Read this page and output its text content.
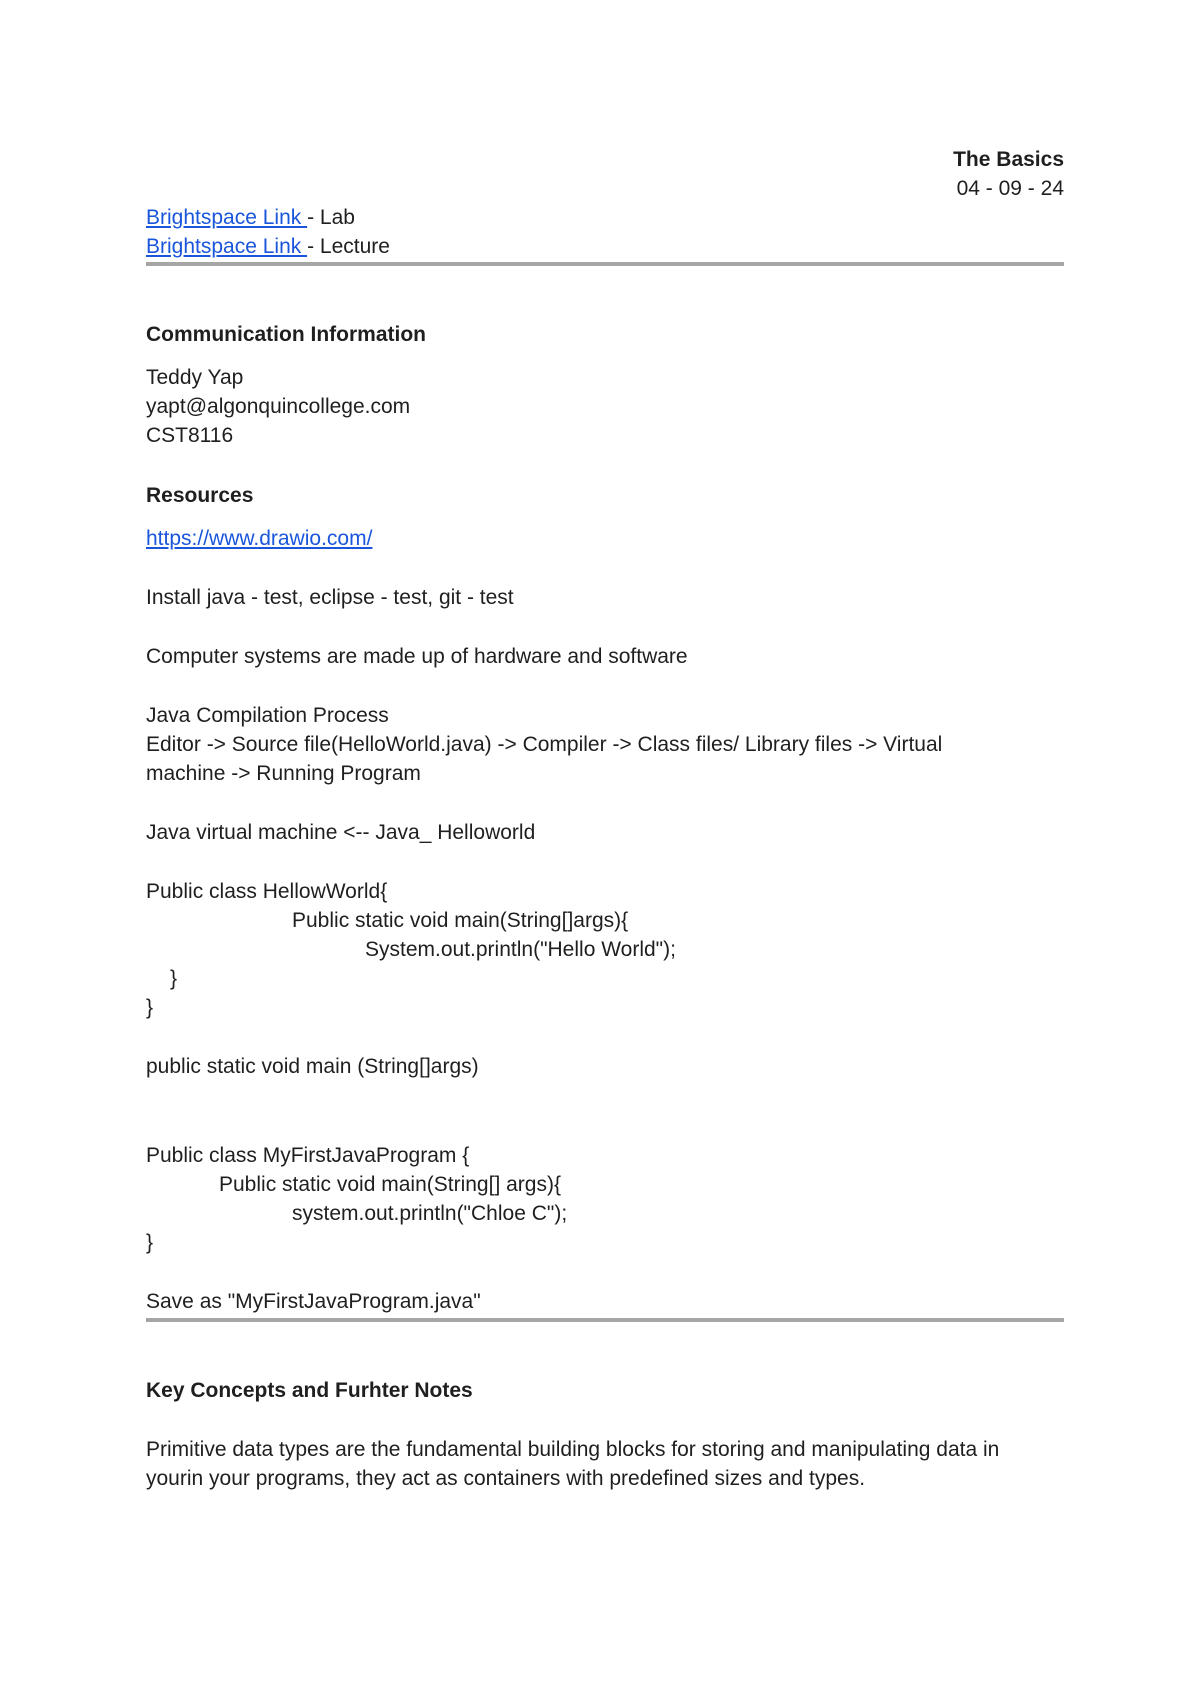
The Basics
04 - 09 - 24
Brightspace Link - Lab
Brightspace Link - Lecture
Communication Information
Teddy Yap
yapt@algonquincollege.com
CST8116
Resources
https://www.drawio.com/
Install java - test, eclipse - test, git - test
Computer systems are made up of hardware and software
Java Compilation Process
Editor -> Source file(HelloWorld.java) -> Compiler -> Class files/ Library files -> Virtual
machine -> Running Program
Java virtual machine <-- Java_ Helloworld
Public class HellowWorld{
Public static void main(String[]args){
System.out.println("Hello World");
}
}
public static void main (String[]args)
Public class MyFirstJavaProgram {
Public static void main(String[] args){
system.out.println("Chloe C");
}
Save as "MyFirstJavaProgram.java"
Key Concepts and Furhter Notes
Primitive data types are the fundamental building blocks for storing and manipulating data in
yourin your programs, they act as containers with predefined sizes and types.
